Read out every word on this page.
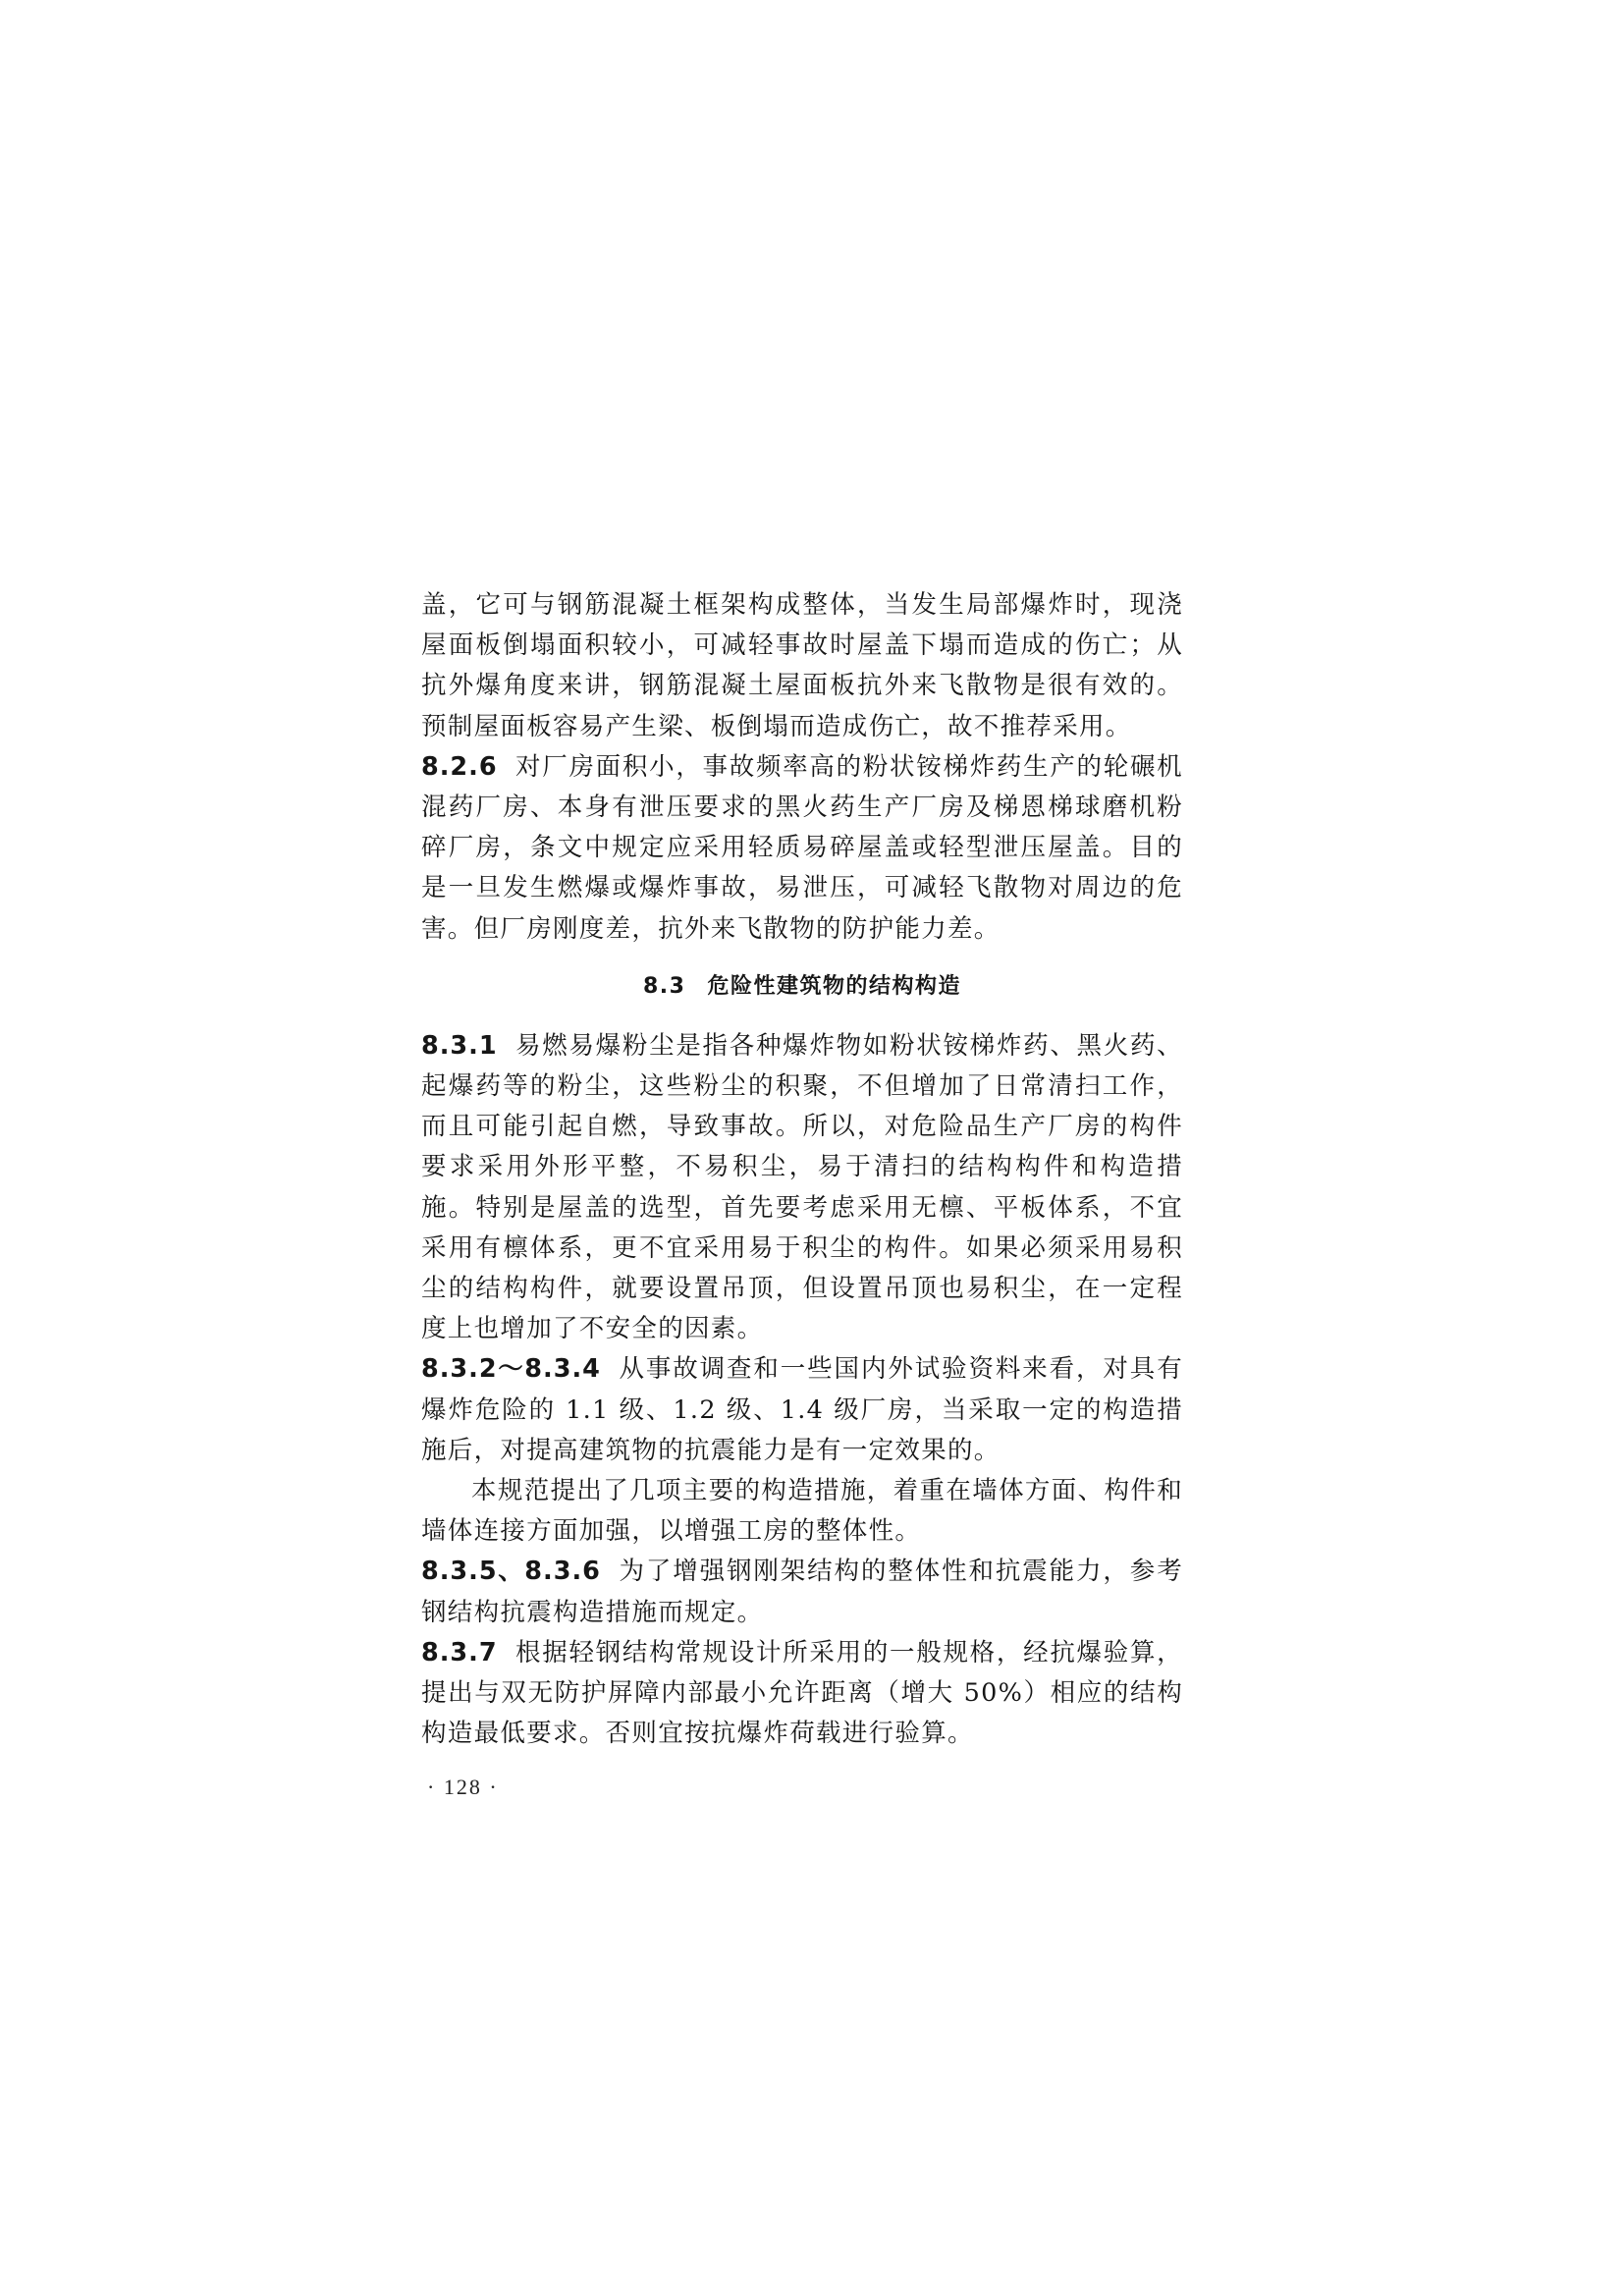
盖，它可与钢筋混凝土框架构成整体，当发生局部爆炸时，现浇屋面板倒塌面积较小，可减轻事故时屋盖下塌而造成的伤亡；从抗外爆角度来讲，钢筋混凝土屋面板抗外来飞散物是很有效的。预制屋面板容易产生梁、板倒塌而造成伤亡，故不推荐采用。

8.2.6 对厂房面积小，事故频率高的粉状铵梯炸药生产的轮碾机混药厂房、本身有泄压要求的黑火药生产厂房及梯恩梯球磨机粉碎厂房，条文中规定应采用轻质易碎屋盖或轻型泄压屋盖。目的是一旦发生燃爆或爆炸事故，易泄压，可减轻飞散物对周边的危害。但厂房刚度差，抗外来飞散物的防护能力差。

8.3 危险性建筑物的结构构造

8.3.1 易燃易爆粉尘是指各种爆炸物如粉状铵梯炸药、黑火药、起爆药等的粉尘，这些粉尘的积聚，不但增加了日常清扫工作，而且可能引起自燃，导致事故。所以，对危险品生产厂房的构件要求采用外形平整，不易积尘，易于清扫的结构构件和构造措施。特别是屋盖的选型，首先要考虑采用无檩、平板体系，不宜采用有檩体系，更不宜采用易于积尘的构件。如果必须采用易积尘的结构构件，就要设置吊顶，但设置吊顶也易积尘，在一定程度上也增加了不安全的因素。

8.3.2～8.3.4 从事故调查和一些国内外试验资料来看，对具有爆炸危险的 1.1 级、1.2 级、1.4 级厂房，当采取一定的构造措施后，对提高建筑物的抗震能力是有一定效果的。

本规范提出了几项主要的构造措施，着重在墙体方面、构件和墙体连接方面加强，以增强工房的整体性。

8.3.5、8.3.6 为了增强钢刚架结构的整体性和抗震能力，参考钢结构抗震构造措施而规定。

8.3.7 根据轻钢结构常规设计所采用的一般规格，经抗爆验算，提出与双无防护屏障内部最小允许距离（增大 50%）相应的结构构造最低要求。否则宜按抗爆炸荷载进行验算。

· 128 ·
